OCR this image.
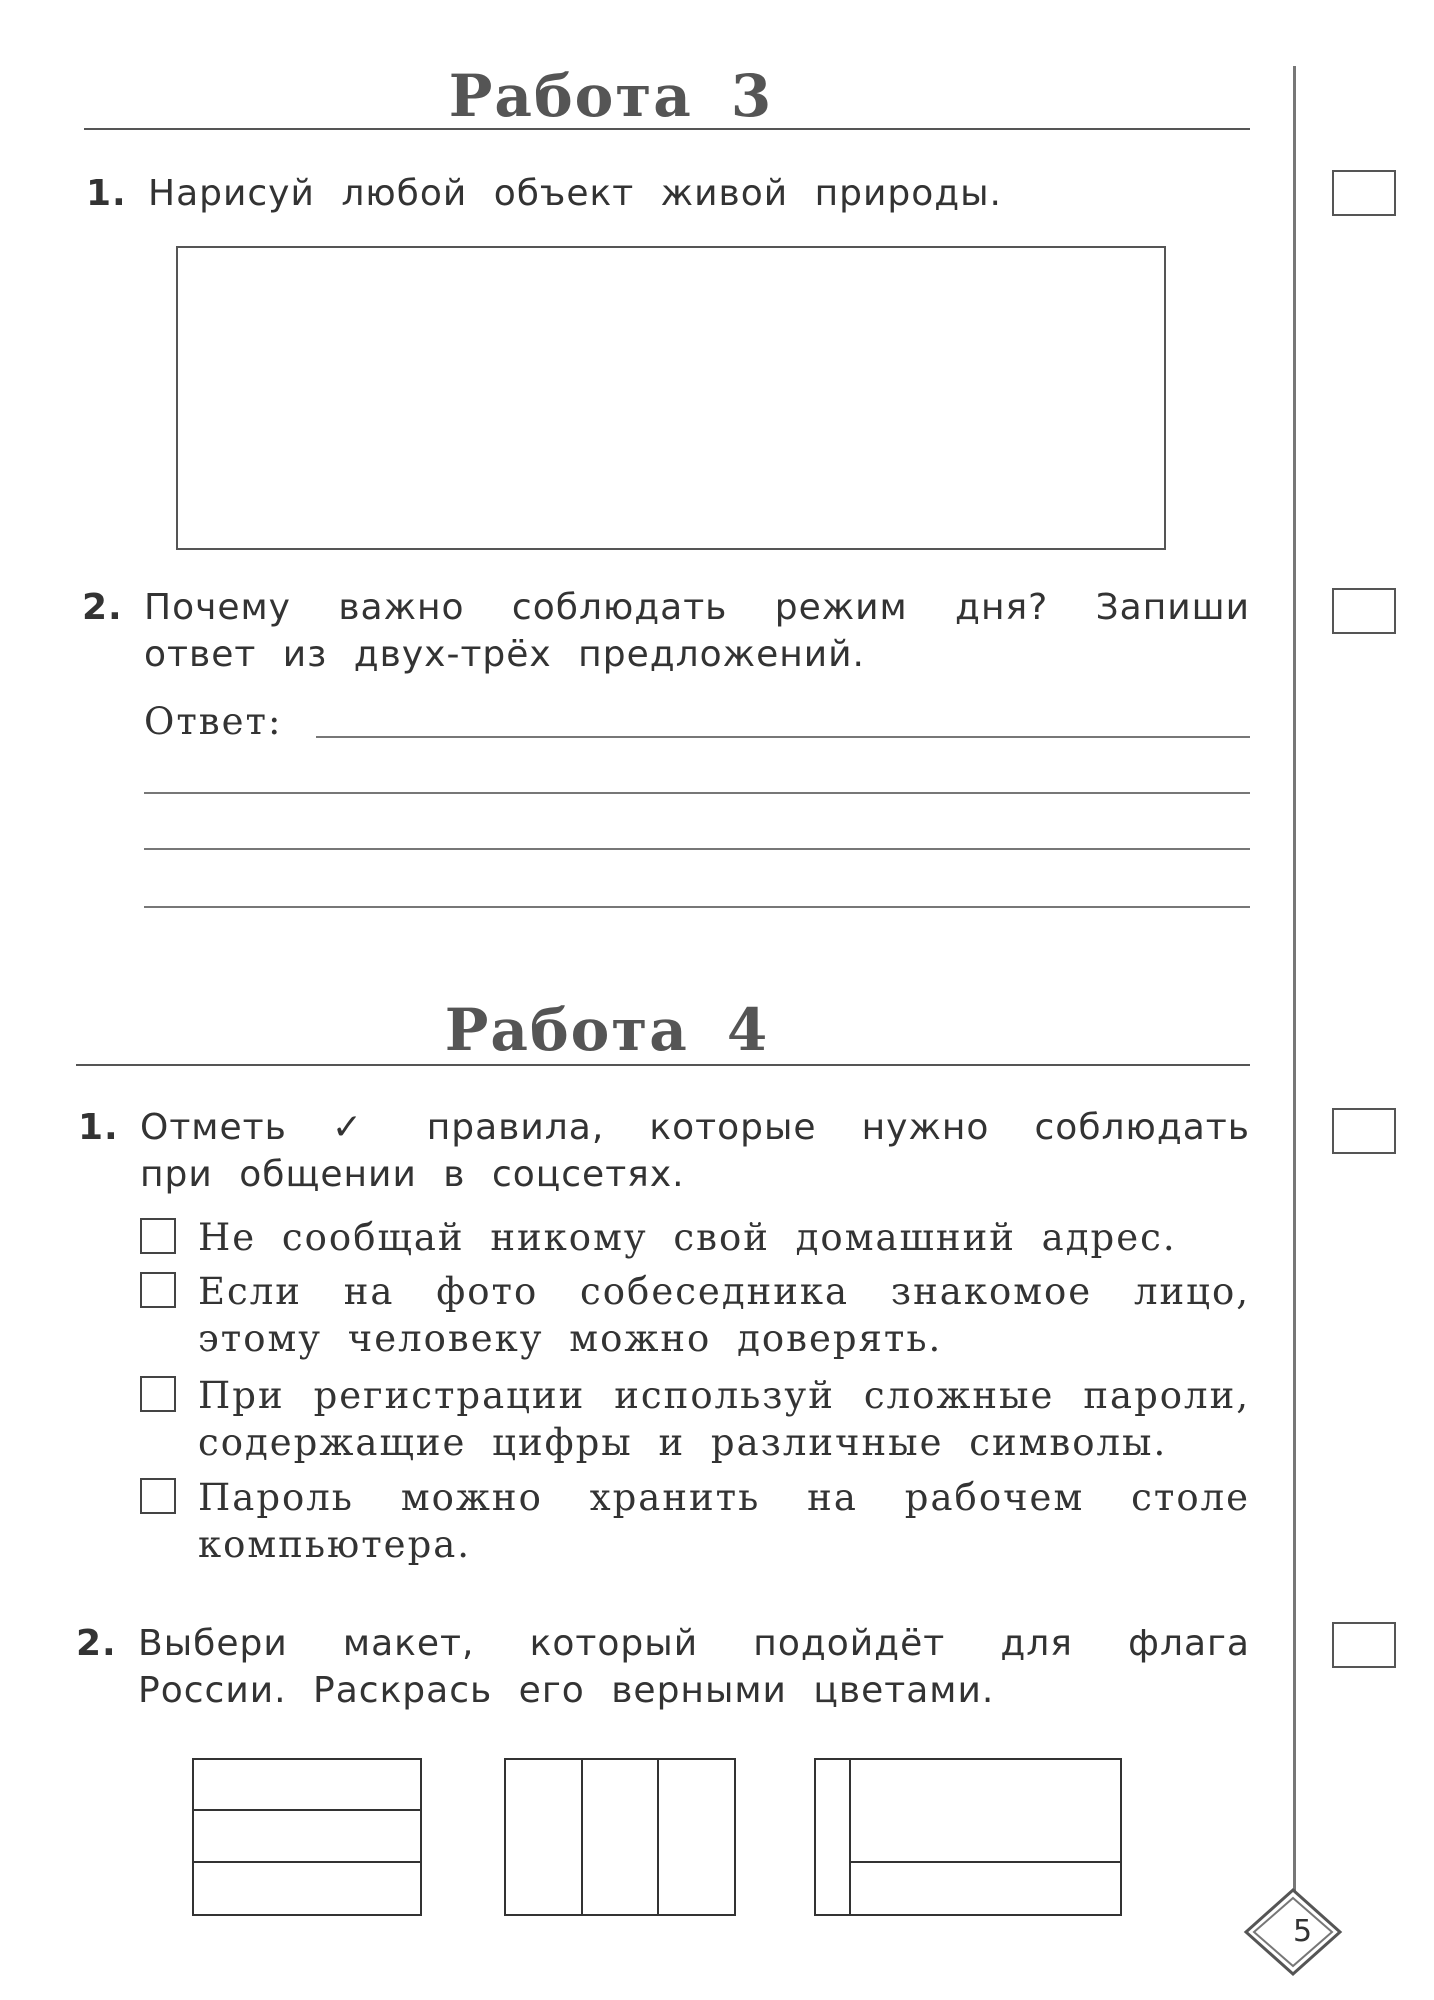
Работа 3
1. Нарисуй любой объект живой природы.
2. Почему важно соблюдать режим дня? Запиши
ответ из двух-трёх предложений.
Ответ:
Работа 4
1. Отметь ✓ правила, которые нужно соблюдать
при общении в соцсетях.
Не сообщай никому свой домашний адрес.
Если на фото собеседника знакомое лицо,
этому человеку можно доверять.
При регистрации используй сложные пароли,
содержащие цифры и различные символы.
Пароль можно хранить на рабочем столе
компьютера.
2. Выбери макет, который подойдёт для флага
России. Раскрась его верными цветами.
